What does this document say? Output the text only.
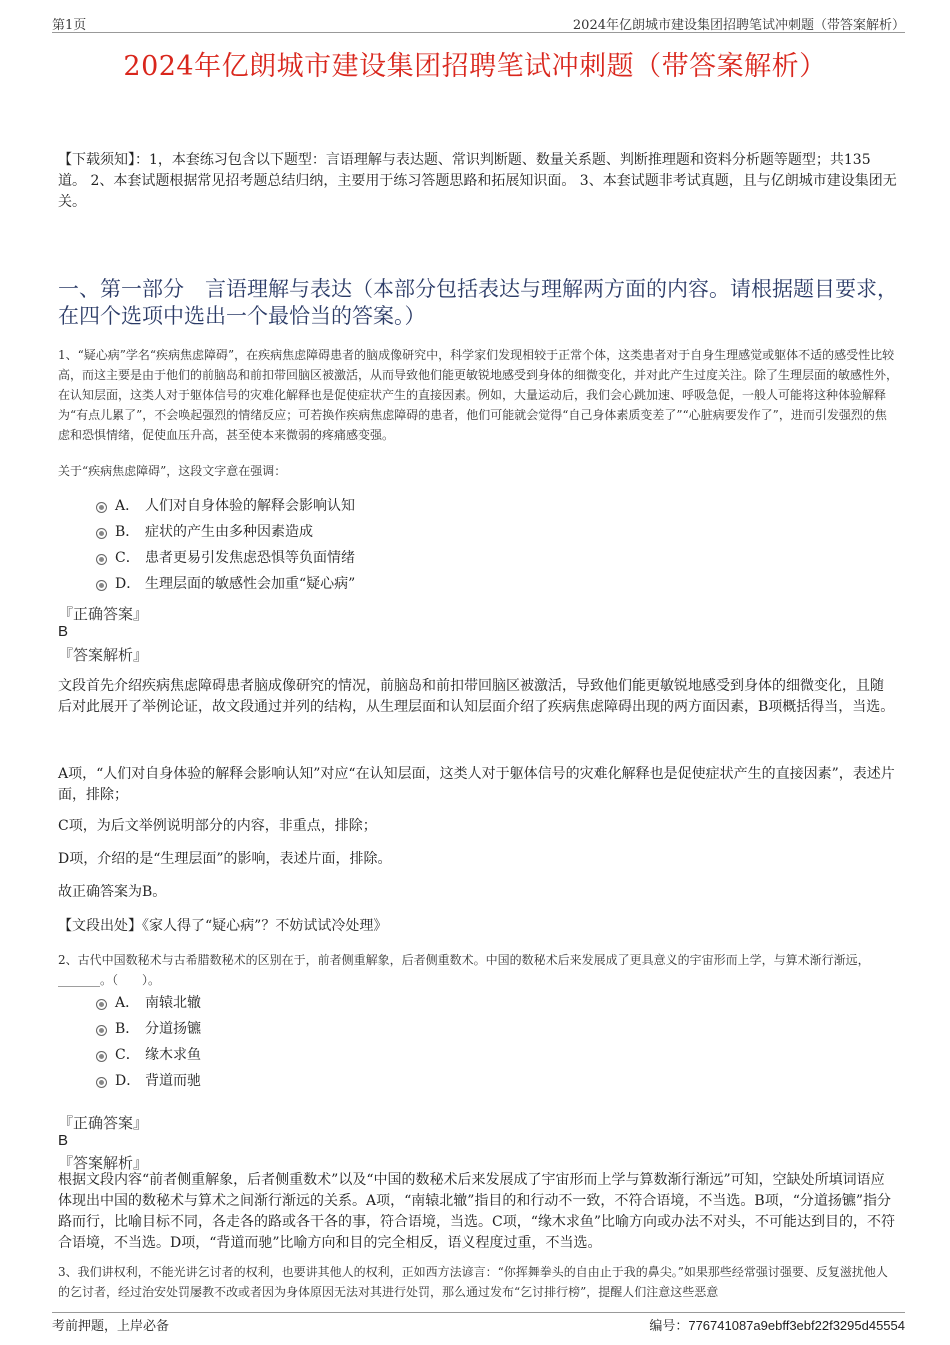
第1页	2024年亿朗城市建设集团招聘笔试冲刺题（带答案解析）
2024年亿朗城市建设集团招聘笔试冲刺题（带答案解析）
【下载须知】：1，本套练习包含以下题型：言语理解与表达题、常识判断题、数量关系题、判断推理题和资料分析题等题型；共135道。 2、本套试题根据常见招考题总结归纳，主要用于练习答题思路和拓展知识面。 3、本套试题非考试真题，且与亿朗城市建设集团无关。
一、第一部分　言语理解与表达（本部分包括表达与理解两方面的内容。请根据题目要求，在四个选项中选出一个最恰当的答案。）
1、“疑心病”学名“疾病焦虑障碍”，在疾病焦虑障碍患者的脑成像研究中，科学家们发现相较于正常个体，这类患者对于自身生理感觉或躯体不适的感受性比较高，而这主要是由于他们的前脑岛和前扣带回脑区被激活，从而导致他们能更敏锐地感受到身体的细微变化，并对此产生过度关注。除了生理层面的敏感性外，在认知层面，这类人对于躯体信号的灾难化解释也是促使症状产生的直接因素。例如，大量运动后，我们会心跳加速、呼吸急促，一般人可能将这种体验解释为“有点儿累了”，不会唤起强烈的情绪反应；可若换作疾病焦虑障碍的患者，他们可能就会觉得“自己身体素质变差了”“心脏病要发作了”，进而引发强烈的焦虑和恐惧情绪，促使血压升高，甚至使本来微弱的疼痛感变强。
关于“疾病焦虑障碍”，这段文字意在强调：
A． 人们对自身体验的解释会影响认知
B． 症状的产生由多种因素造成
C． 患者更易引发焦虑恐惧等负面情绪
D． 生理层面的敏感性会加重“疑心病”
『正确答案』
B
『答案解析』
文段首先介绍疾病焦虑障碍患者脑成像研究的情况，前脑岛和前扣带回脑区被激活，导致他们能更敏锐地感受到身体的细微变化，且随后对此展开了举例论证，故文段通过并列的结构，从生理层面和认知层面介绍了疾病焦虑障碍出现的两方面因素，B项概括得当，当选。
A项，“人们对自身体验的解释会影响认知”对应“在认知层面，这类人对于躯体信号的灾难化解释也是促使症状产生的直接因素”，表述片面，排除；
C项，为后文举例说明部分的内容，非重点，排除；
D项，介绍的是“生理层面”的影响，表述片面，排除。
故正确答案为B。
【文段出处】《家人得了“疑心病”？不妨试试冷处理》
2、古代中国数秘术与古希腊数秘术的区别在于，前者侧重解象，后者侧重数术。中国的数秘术后来发展成了更具意义的宇宙形而上学，与算术渐行渐远，_______。（　　）。
A． 南辕北辙
B． 分道扬镳
C． 缘木求鱼
D． 背道而驰
『正确答案』
B
『答案解析』
根据文段内容“前者侧重解象，后者侧重数术”以及“中国的数秘术后来发展成了宇宙形而上学与算数渐行渐远”可知，空缺处所填词语应体现出中国的数秘术与算术之间渐行渐远的关系。A项，“南辕北辙”指目的和行动不一致，不符合语境，不当选。B项，“分道扬镳”指分路而行，比喻目标不同，各走各的路或各干各的事，符合语境，当选。C项，“缘木求鱼”比喻方向或办法不对头，不可能达到目的，不符合语境，不当选。D项，“背道而驰”比喻方向和目的完全相反，语义程度过重，不当选。
3、我们讲权利，不能光讲乞讨者的权利，也要讲其他人的权利，正如西方法谚言：“你挥舞拳头的自由止于我的鼻尖。”如果那些经常强讨强要、反复滋扰他人的乞讨者，经过治安处罚屡教不改或者因为身体原因无法对其进行处罚，那么通过发布“乞讨排行榜”，提醒人们注意这些恶意
考前押题，上岸必备	编号：776741087a9ebff3ebf22f3295d45554
